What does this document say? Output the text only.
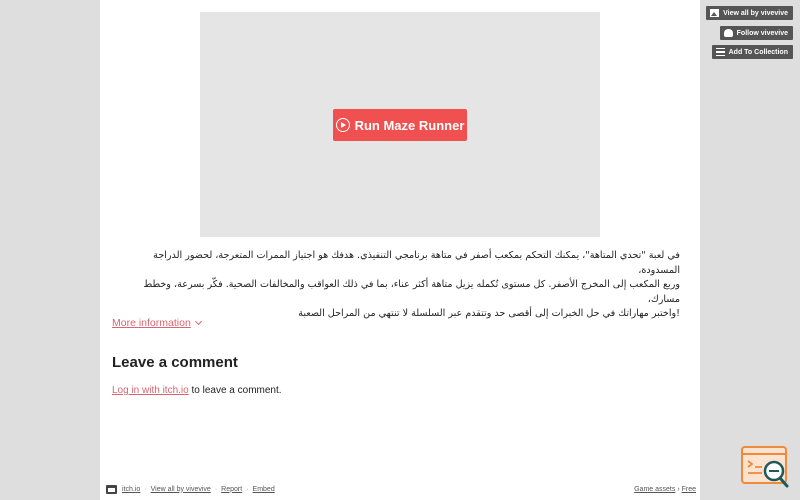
Run Maze Runner
في لعبة "تحدي المتاهة"، يمكنك التحكم بمكعب أصفر في متاهة برنامجي التنفيذي. هدفك هو اجتياز الممرات المتعرجة، لحضور الدراجة المسدودة،
وربع المكعب إلى المخرج الأصفر. كل مستوى تُكمله يزيل متاهة أكثر عناء، بما في ذلك العواقب والمخالفات الصحية. فكّر بسرعة، وخطط مسارك،
!واختبر مهاراتك في حل الخبرات إلى أقصى حد وتتقدم عبر السلسلة لا تنتهي من المراحل الصعبة
More information
Leave a comment
Log in with itch.io to leave a comment.
itch.io · View all by vivevive · Report · Embed	Game assets › Free
View all by vivevive
Follow vivevive
Add To Collection
